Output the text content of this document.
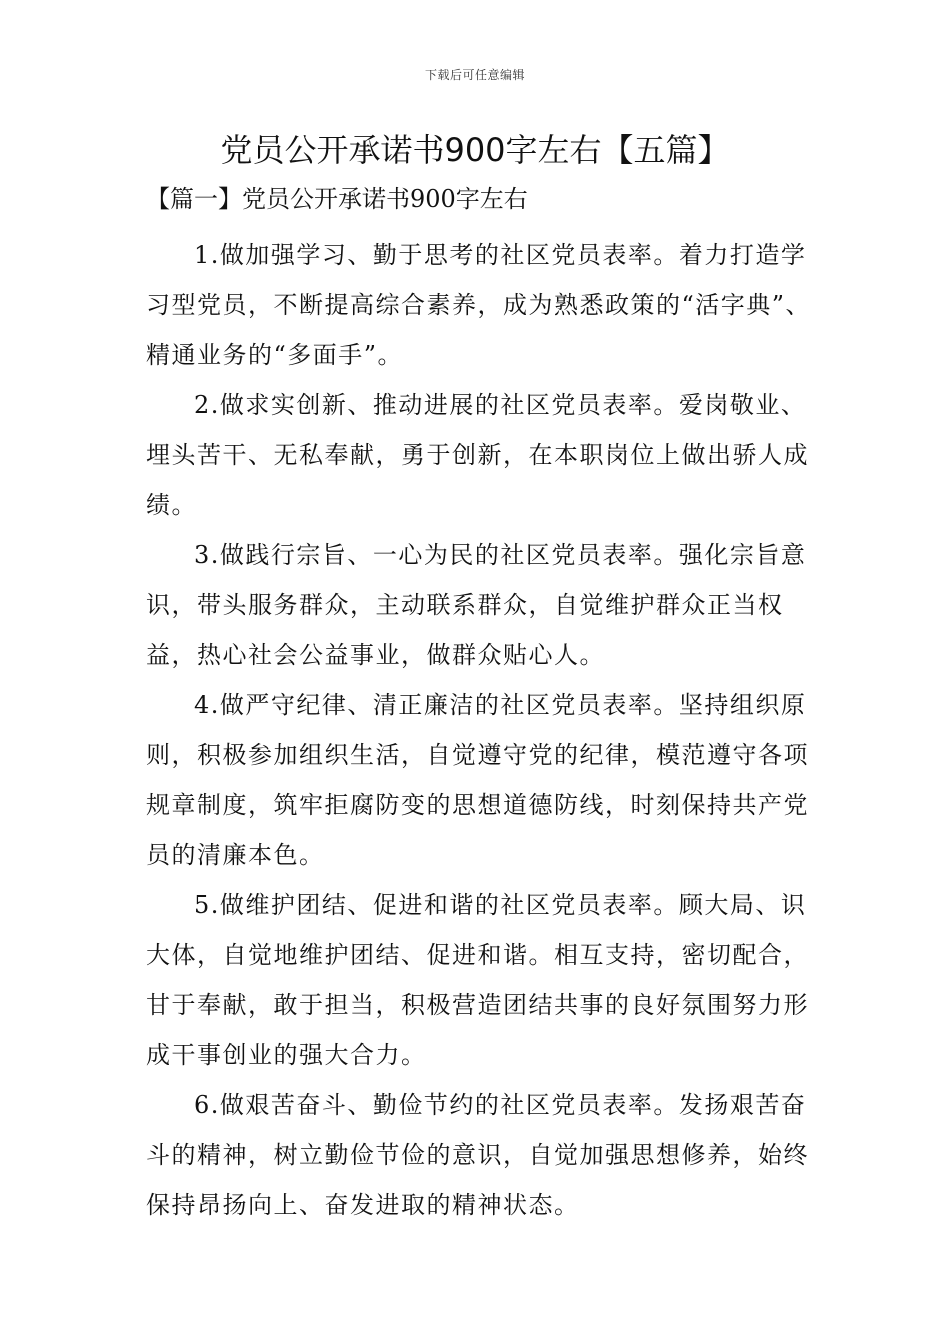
下载后可任意编辑
党员公开承诺书900字左右【五篇】
【篇一】党员公开承诺书900字左右

1.做加强学习、勤于思考的社区党员表率。着力打造学习型党员，不断提高综合素养，成为熟悉政策的“活字典”、精通业务的“多面手”。

2.做求实创新、推动进展的社区党员表率。爱岗敬业、埋头苦干、无私奉献，勇于创新，在本职岗位上做出骄人成绩。

3.做践行宗旨、一心为民的社区党员表率。强化宗旨意识，带头服务群众，主动联系群众，自觉维护群众正当权益，热心社会公益事业，做群众贴心人。

4.做严守纪律、清正廉洁的社区党员表率。坚持组织原则，积极参加组织生活，自觉遵守党的纪律，模范遵守各项规章制度，筑牢拒腐防变的思想道德防线，时刻保持共产党员的清廉本色。

5.做维护团结、促进和谐的社区党员表率。顾大局、识大体，自觉地维护团结、促进和谐。相互支持，密切配合，甘于奉献，敢于担当，积极营造团结共事的良好氛围努力形成干事创业的强大合力。

6.做艰苦奋斗、勤俭节约的社区党员表率。发扬艰苦奋斗的精神，树立勤俭节俭的意识，自觉加强思想修养，始终保持昂扬向上、奋发进取的精神状态。
